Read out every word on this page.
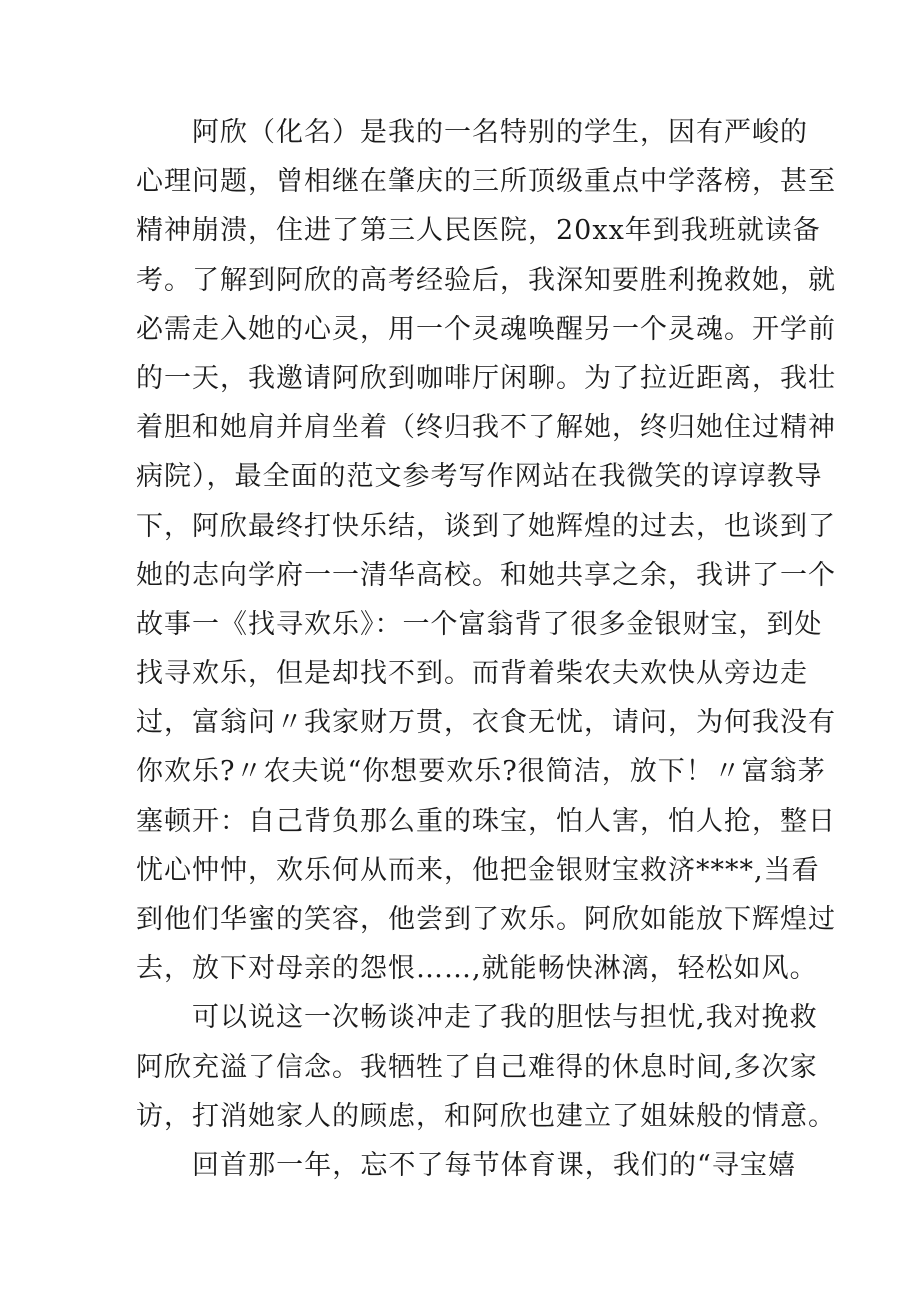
阿欣（化名）是我的一名特别的学生，因有严峻的
心理问题，曾相继在肇庆的三所顶级重点中学落榜，甚至
精神崩溃，住进了第三人民医院，20xx年到我班就读备
考。了解到阿欣的高考经验后，我深知要胜利挽救她，就
必需走入她的心灵，用一个灵魂唤醒另一个灵魂。开学前
的一天，我邀请阿欣到咖啡厅闲聊。为了拉近距离，我壮
着胆和她肩并肩坐着（终归我不了解她，终归她住过精神
病院），最全面的范文参考写作网站在我微笑的谆谆教导
下，阿欣最终打快乐结，谈到了她辉煌的过去，也谈到了
她的志向学府一一清华高校。和她共享之余，我讲了一个
故事一《找寻欢乐》：一个富翁背了很多金银财宝，到处
找寻欢乐，但是却找不到。而背着柴农夫欢快从旁边走
过，富翁问〃我家财万贯，衣食无忧，请问，为何我没有
你欢乐?〃农夫说“你想要欢乐?很简洁，放下！〃富翁茅
塞顿开：自己背负那么重的珠宝，怕人害，怕人抢，整日
忧心忡忡，欢乐何从而来，他把金银财宝救济****,当看
到他们华蜜的笑容，他尝到了欢乐。阿欣如能放下辉煌过
去，放下对母亲的怨恨……,就能畅快淋漓，轻松如风。
可以说这一次畅谈冲走了我的胆怯与担忧,我对挽救
阿欣充溢了信念。我牺牲了自己难得的休息时间,多次家
访，打消她家人的顾虑，和阿欣也建立了姐妹般的情意。
回首那一年，忘不了每节体育课，我们的“寻宝嬉
